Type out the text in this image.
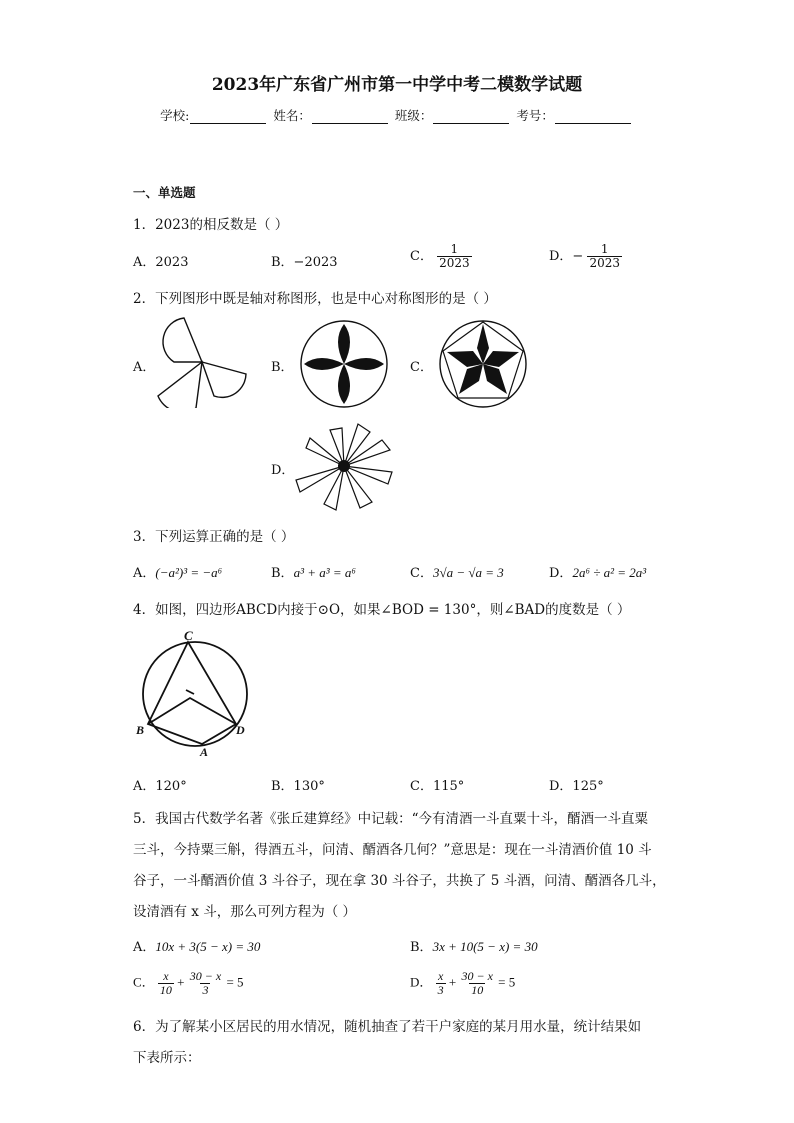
2023年广东省广州市第一中学中考二模数学试题
学校:	姓名：	班级：	考号：
一、单选题
1．2023的相反数是（ ）
A．2023	B．−2023	C． $\frac{1}{2023}$	D．− $\frac{1}{2023}$
2．下列图形中既是轴对称图形，也是中心对称图形的是（ ）
A．	B．	C．
D．
3．下列运算正确的是（ ）
A．(−a²)³ = −a⁶	B．a³ + a³ = a⁶	C．3√a − √a = 3	D．2a⁶ ÷ a² = 2a³
4．如图，四边形ABCD内接于⊙O，如果∠BOD = 130°，则∠BAD的度数是（ ）
C
B	D
A
A．120°	B．130°	C．115°	D．125°
5．我国古代数学名著《张丘建算经》中记载：“今有清酒一斗直粟十斗，醑酒一斗直粟
三斗，今持粟三斛，得酒五斗，问清、醑酒各几何？”意思是：现在一斗清酒价值 10 斗
谷子，一斗醑酒价值 3 斗谷子，现在拿 30 斗谷子，共换了 5 斗酒，问清、醑酒各几斗，
设清酒有 x 斗，那么可列方程为（ ）
A．10x + 3(5 − x) = 30	B．3x + 10(5 − x) = 30
C． $\frac{x}{10} + \frac{30 - x}{3} = 5$	D． $\frac{x}{3} + \frac{30 - x}{10} = 5$
6．为了解某小区居民的用水情况，随机抽查了若干户家庭的某月用水量，统计结果如
下表所示：
